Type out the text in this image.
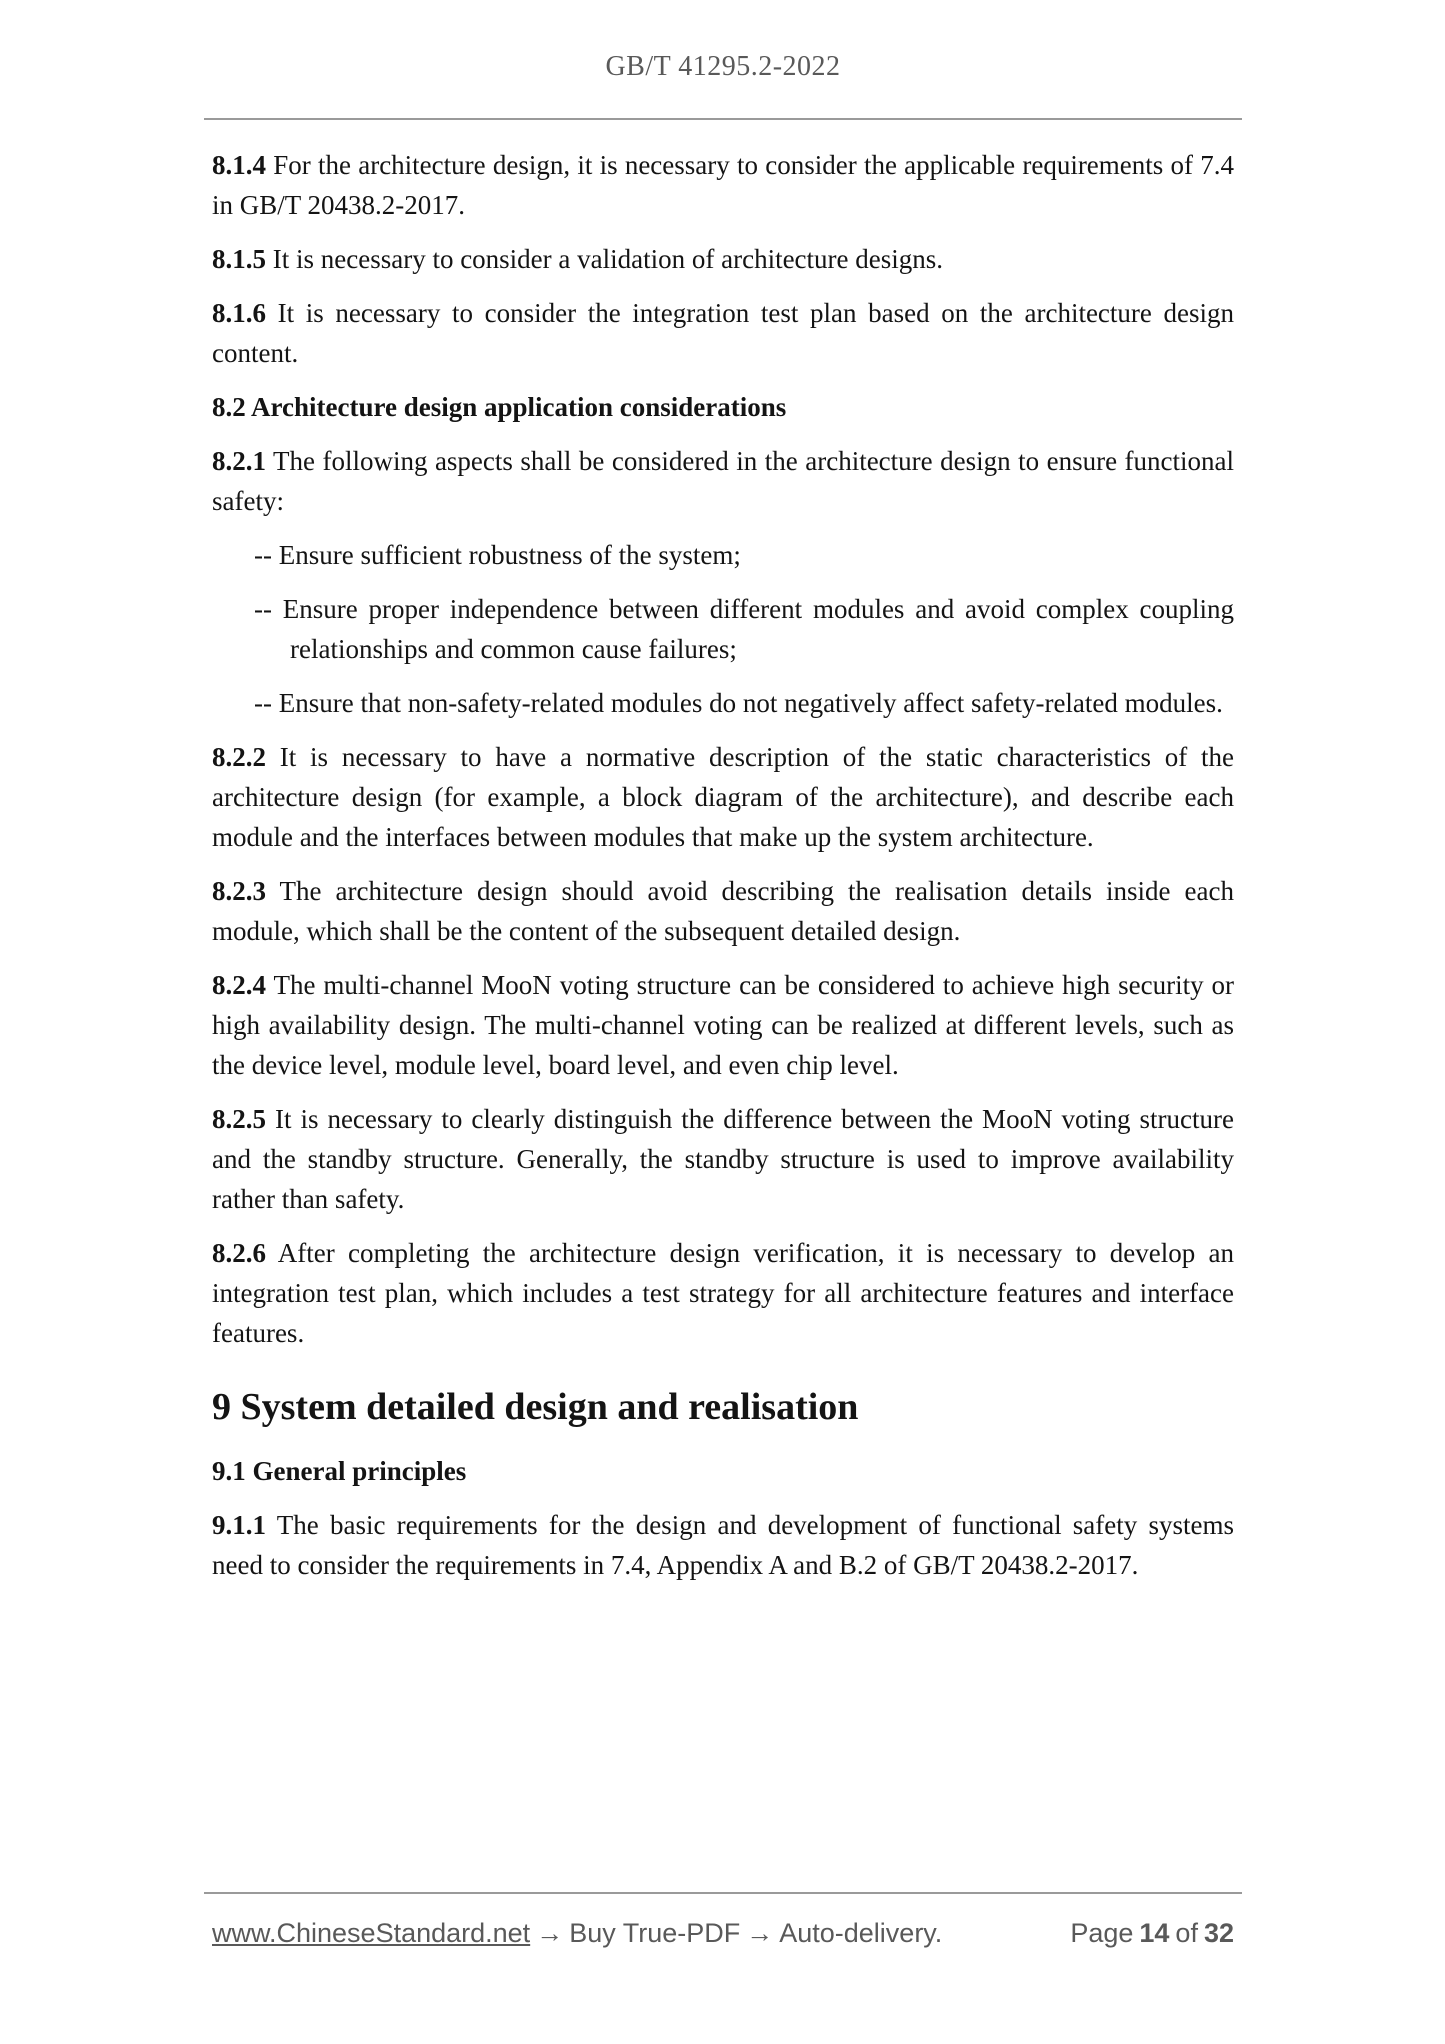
GB/T 41295.2-2022

8.1.4 For the architecture design, it is necessary to consider the applicable requirements of 7.4 in GB/T 20438.2-2017.

8.1.5 It is necessary to consider a validation of architecture designs.

8.1.6 It is necessary to consider the integration test plan based on the architecture design content.

8.2 Architecture design application considerations

8.2.1 The following aspects shall be considered in the architecture design to ensure functional safety:

-- Ensure sufficient robustness of the system;

-- Ensure proper independence between different modules and avoid complex coupling relationships and common cause failures;

-- Ensure that non-safety-related modules do not negatively affect safety-related modules.

8.2.2 It is necessary to have a normative description of the static characteristics of the architecture design (for example, a block diagram of the architecture), and describe each module and the interfaces between modules that make up the system architecture.

8.2.3 The architecture design should avoid describing the realisation details inside each module, which shall be the content of the subsequent detailed design.

8.2.4 The multi-channel MooN voting structure can be considered to achieve high security or high availability design. The multi-channel voting can be realized at different levels, such as the device level, module level, board level, and even chip level.

8.2.5 It is necessary to clearly distinguish the difference between the MooN voting structure and the standby structure. Generally, the standby structure is used to improve availability rather than safety.

8.2.6 After completing the architecture design verification, it is necessary to develop an integration test plan, which includes a test strategy for all architecture features and interface features.

9 System detailed design and realisation
9.1 General principles

9.1.1 The basic requirements for the design and development of functional safety systems need to consider the requirements in 7.4, Appendix A and B.2 of GB/T 20438.2-2017.

www.ChineseStandard.net → Buy True-PDF → Auto-delivery.	Page 14 of 32
